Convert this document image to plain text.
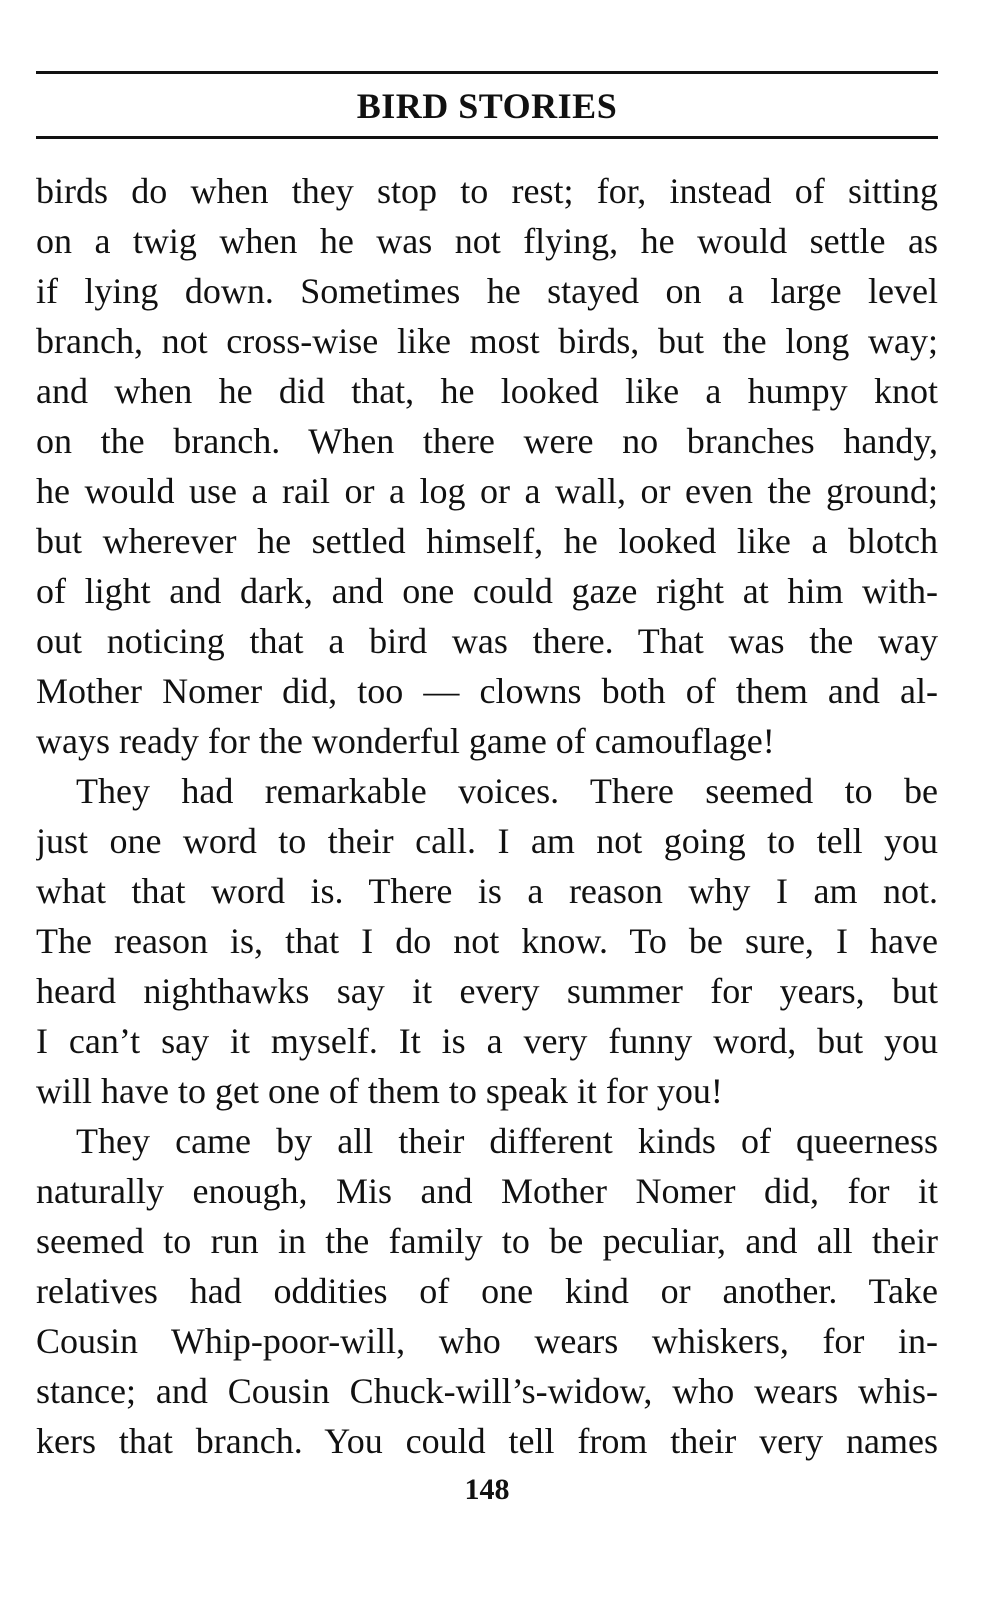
BIRD STORIES
birds do when they stop to rest; for, instead of sitting
on a twig when he was not flying, he would settle as
if lying down. Sometimes he stayed on a large level
branch, not cross-wise like most birds, but the long way;
and when he did that, he looked like a humpy knot
on the branch. When there were no branches handy,
he would use a rail or a log or a wall, or even the ground;
but wherever he settled himself, he looked like a blotch
of light and dark, and one could gaze right at him with-
out noticing that a bird was there. That was the way
Mother Nomer did, too — clowns both of them and al-
ways ready for the wonderful game of camouflage!
They had remarkable voices. There seemed to be
just one word to their call. I am not going to tell you
what that word is. There is a reason why I am not.
The reason is, that I do not know. To be sure, I have
heard nighthawks say it every summer for years, but
I can’t say it myself. It is a very funny word, but you
will have to get one of them to speak it for you!
They came by all their different kinds of queerness
naturally enough, Mis and Mother Nomer did, for it
seemed to run in the family to be peculiar, and all their
relatives had oddities of one kind or another. Take
Cousin Whip-poor-will, who wears whiskers, for in-
stance; and Cousin Chuck-will’s-widow, who wears whis-
kers that branch. You could tell from their very names
148
